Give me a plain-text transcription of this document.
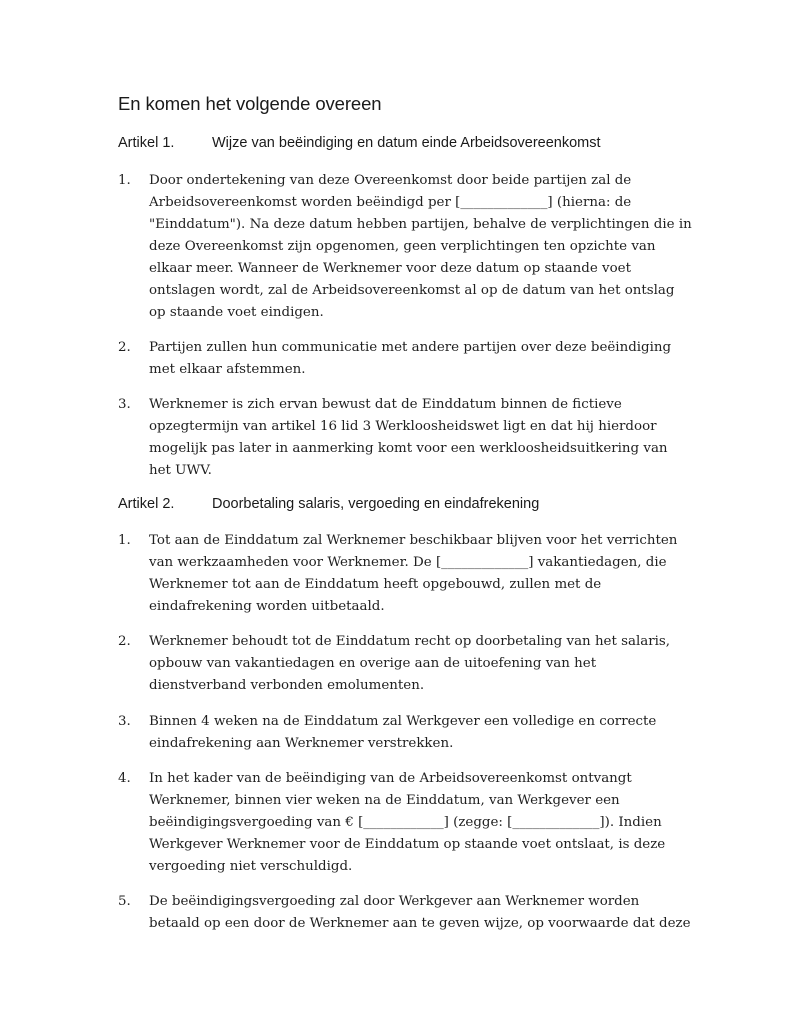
En komen het volgende overeen
Artikel 1.	Wijze van beëindiging en datum einde Arbeidsovereenkomst
1. Door ondertekening van deze Overeenkomst door beide partijen zal de
Arbeidsovereenkomst worden beëindigd per [_____________] (hierna: de
"Einddatum"). Na deze datum hebben partijen, behalve de verplichtingen die in
deze Overeenkomst zijn opgenomen, geen verplichtingen ten opzichte van
elkaar meer. Wanneer de Werknemer voor deze datum op staande voet
ontslagen wordt, zal de Arbeidsovereenkomst al op de datum van het ontslag
op staande voet eindigen.
2. Partijen zullen hun communicatie met andere partijen over deze beëindiging
met elkaar afstemmen.
3. Werknemer is zich ervan bewust dat de Einddatum binnen de fictieve
opzegtermijn van artikel 16 lid 3 Werkloosheidswet ligt en dat hij hierdoor
mogelijk pas later in aanmerking komt voor een werkloosheidsuitkering van
het UWV.
Artikel 2.	Doorbetaling salaris, vergoeding en eindafrekening
1. Tot aan de Einddatum zal Werknemer beschikbaar blijven voor het verrichten
van werkzaamheden voor Werknemer. De [_____________] vakantiedagen, die
Werknemer tot aan de Einddatum heeft opgebouwd, zullen met de
eindafrekening worden uitbetaald.
2. Werknemer behoudt tot de Einddatum recht op doorbetaling van het salaris,
opbouw van vakantiedagen en overige aan de uitoefening van het
dienstverband verbonden emolumenten.
3. Binnen 4 weken na de Einddatum zal Werkgever een volledige en correcte
eindafrekening aan Werknemer verstrekken.
4. In het kader van de beëindiging van de Arbeidsovereenkomst ontvangt
Werknemer, binnen vier weken na de Einddatum, van Werkgever een
beëindigingsvergoeding van € [____________] (zegge: [_____________]). Indien
Werkgever Werknemer voor de Einddatum op staande voet ontslaat, is deze
vergoeding niet verschuldigd.
5. De beëindigingsvergoeding zal door Werkgever aan Werknemer worden
betaald op een door de Werknemer aan te geven wijze, op voorwaarde dat deze
